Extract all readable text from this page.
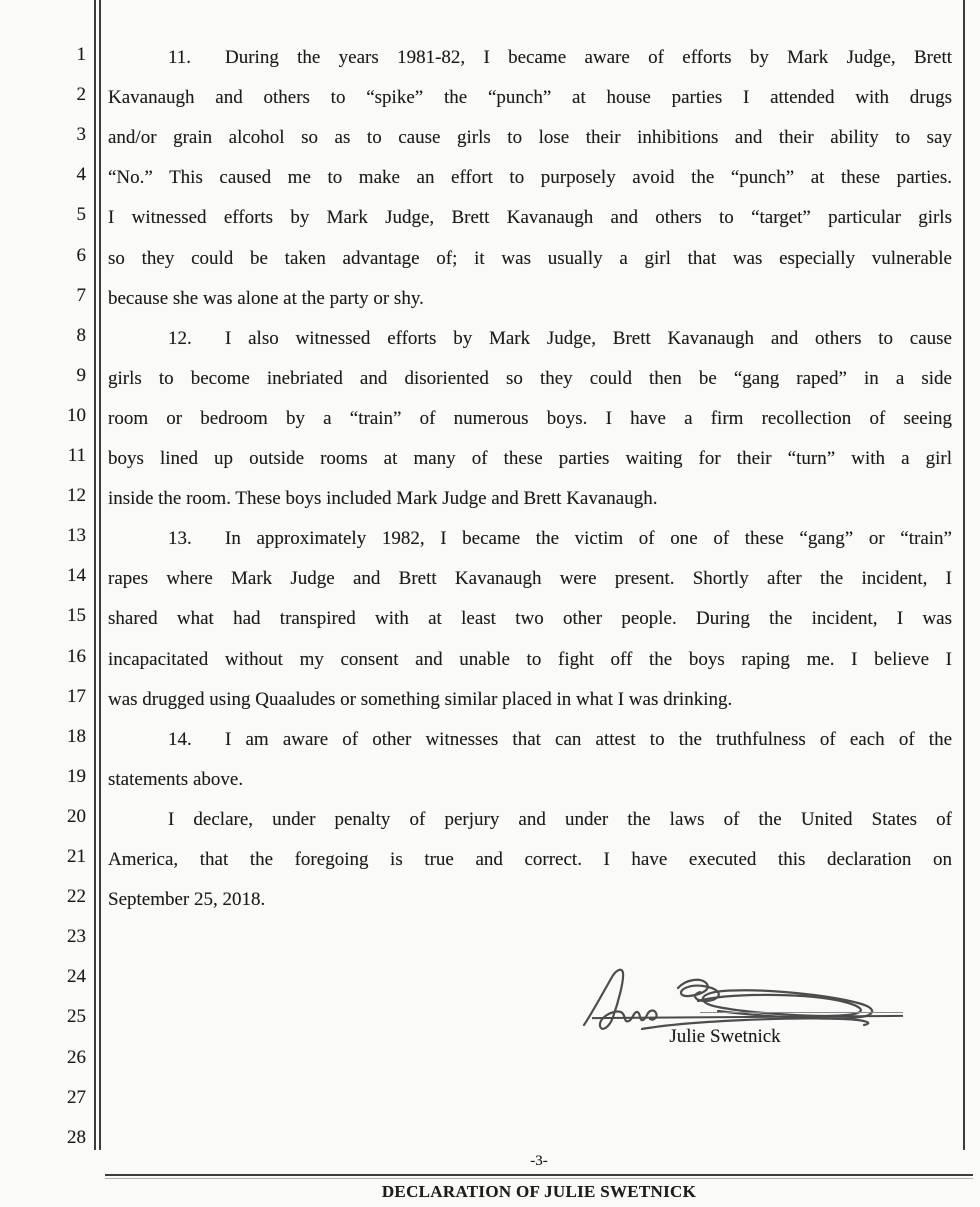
1
2
3
4
5
6
7
8
9
10
11
12
13
14
15
16
17
18
19
20
21
22
23
24
25
26
27
28
11. During the years 1981-82, I became aware of efforts by Mark Judge, Brett
Kavanaugh and others to “spike” the “punch” at house parties I attended with drugs
and/or grain alcohol so as to cause girls to lose their inhibitions and their ability to say
“No.” This caused me to make an effort to purposely avoid the “punch” at these parties.
I witnessed efforts by Mark Judge, Brett Kavanaugh and others to “target” particular girls
so they could be taken advantage of; it was usually a girl that was especially vulnerable
because she was alone at the party or shy.
12. I also witnessed efforts by Mark Judge, Brett Kavanaugh and others to cause
girls to become inebriated and disoriented so they could then be “gang raped” in a side
room or bedroom by a “train” of numerous boys. I have a firm recollection of seeing
boys lined up outside rooms at many of these parties waiting for their “turn” with a girl
inside the room. These boys included Mark Judge and Brett Kavanaugh.
13. In approximately 1982, I became the victim of one of these “gang” or “train”
rapes where Mark Judge and Brett Kavanaugh were present. Shortly after the incident, I
shared what had transpired with at least two other people. During the incident, I was
incapacitated without my consent and unable to fight off the boys raping me. I believe I
was drugged using Quaaludes or something similar placed in what I was drinking.
14. I am aware of other witnesses that can attest to the truthfulness of each of the
statements above.
I declare, under penalty of perjury and under the laws of the United States of
America, that the foregoing is true and correct. I have executed this declaration on
September 25, 2018.
Julie Swetnick
-3-
DECLARATION OF JULIE SWETNICK
